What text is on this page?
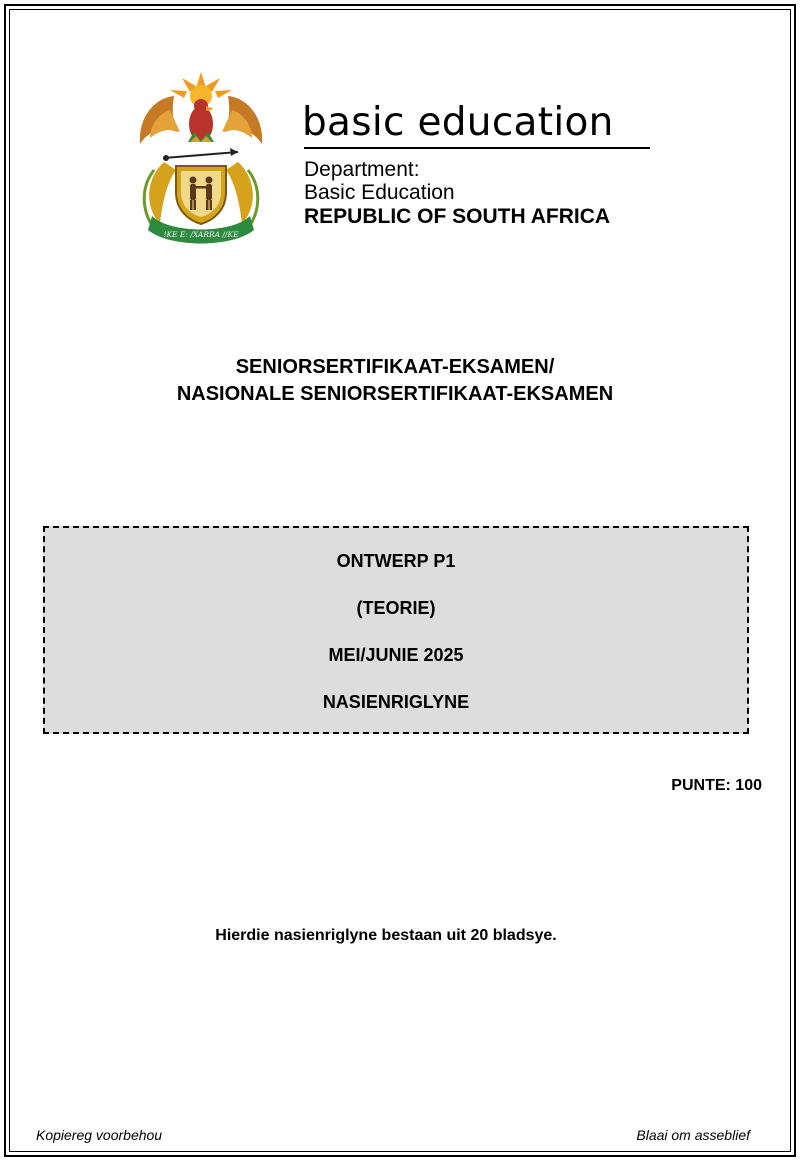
!KE E: /XARRA //KE
basic education
Department:
Basic Education
REPUBLIC OF SOUTH AFRICA
SENIORSERTIFIKAAT-EKSAMEN/
NASIONALE SENIORSERTIFIKAAT-EKSAMEN
ONTWERP P1
(TEORIE)
MEI/JUNIE 2025
NASIENRIGLYNE
PUNTE: 100
Hierdie nasienriglyne bestaan uit 20 bladsye.
Kopiereg voorbehou	Blaai om asseblief
